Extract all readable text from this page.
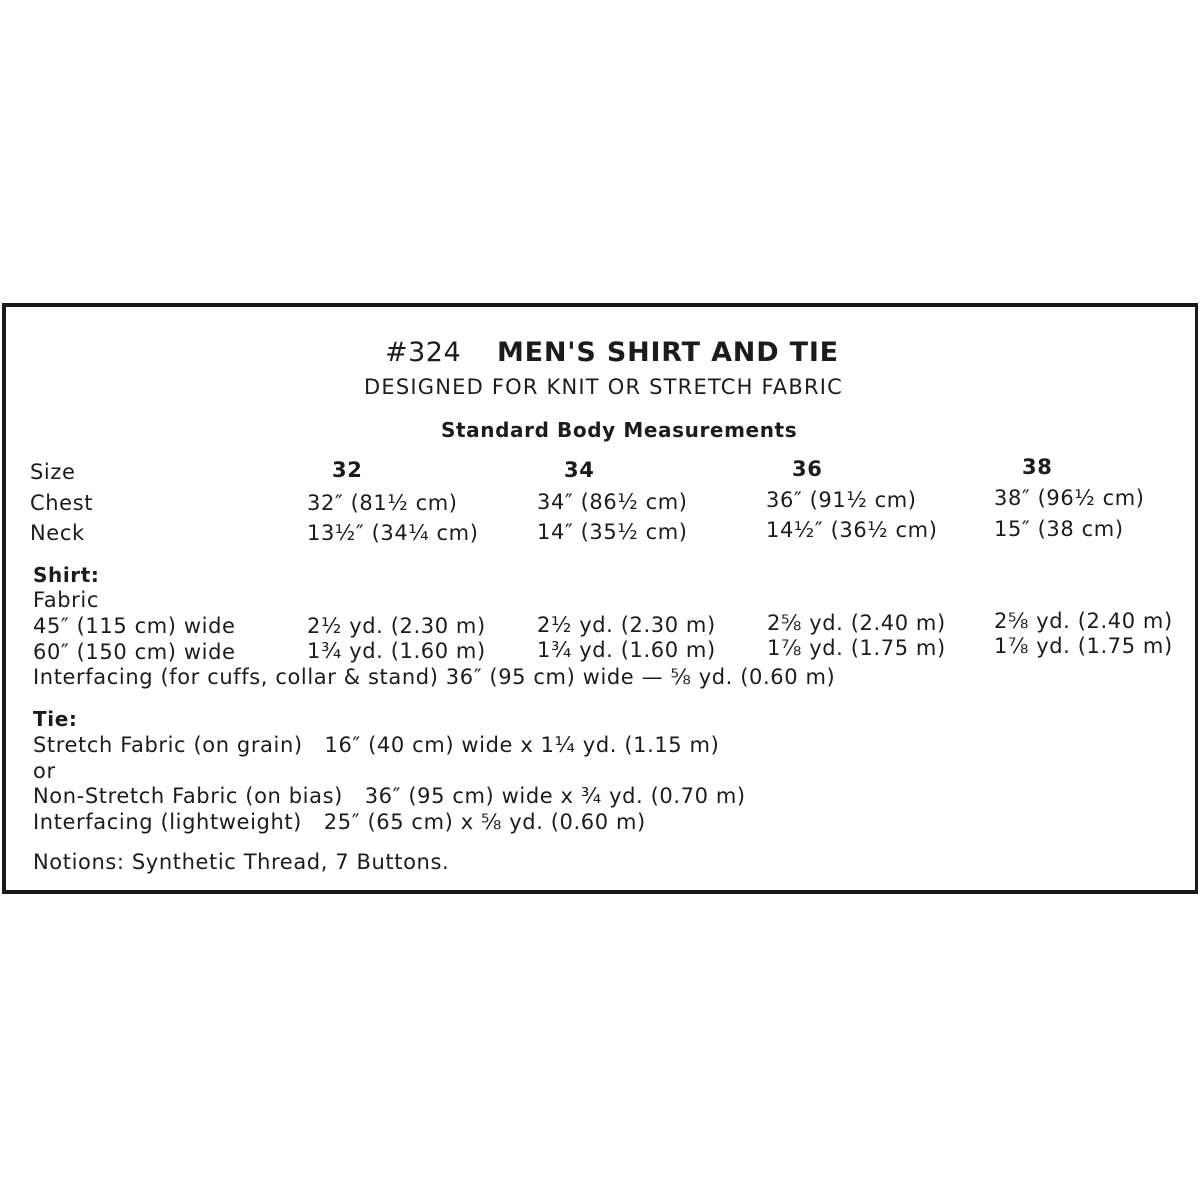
#324 MEN'S SHIRT AND TIE
DESIGNED FOR KNIT OR STRETCH FABRIC
Standard Body Measurements
Size	32	34	36	38
Chest	32″ (81½ cm)	34″ (86½ cm)	36″ (91½ cm)	38″ (96½ cm)
Neck	13½″ (34¼ cm)	14″ (35½ cm)	14½″ (36½ cm)	15″ (38 cm)
Shirt:
Fabric
45″ (115 cm) wide	2½ yd. (2.30 m) 2½ yd. (2.30 m) 2⅝ yd. (2.40 m) 2⅝ yd. (2.40 m)
60″ (150 cm) wide	1¾ yd. (1.60 m) 1¾ yd. (1.60 m) 1⅞ yd. (1.75 m) 1⅞ yd. (1.75 m)
Interfacing (for cuffs, collar & stand) 36″ (95 cm) wide — ⅝ yd. (0.60 m)
Tie:
Stretch Fabric (on grain)   16″ (40 cm) wide x 1¼ yd. (1.15 m)
or
Non-Stretch Fabric (on bias)   36″ (95 cm) wide x ¾ yd. (0.70 m)
Interfacing (lightweight)   25″ (65 cm) x ⅝ yd. (0.60 m)
Notions: Synthetic Thread, 7 Buttons.
